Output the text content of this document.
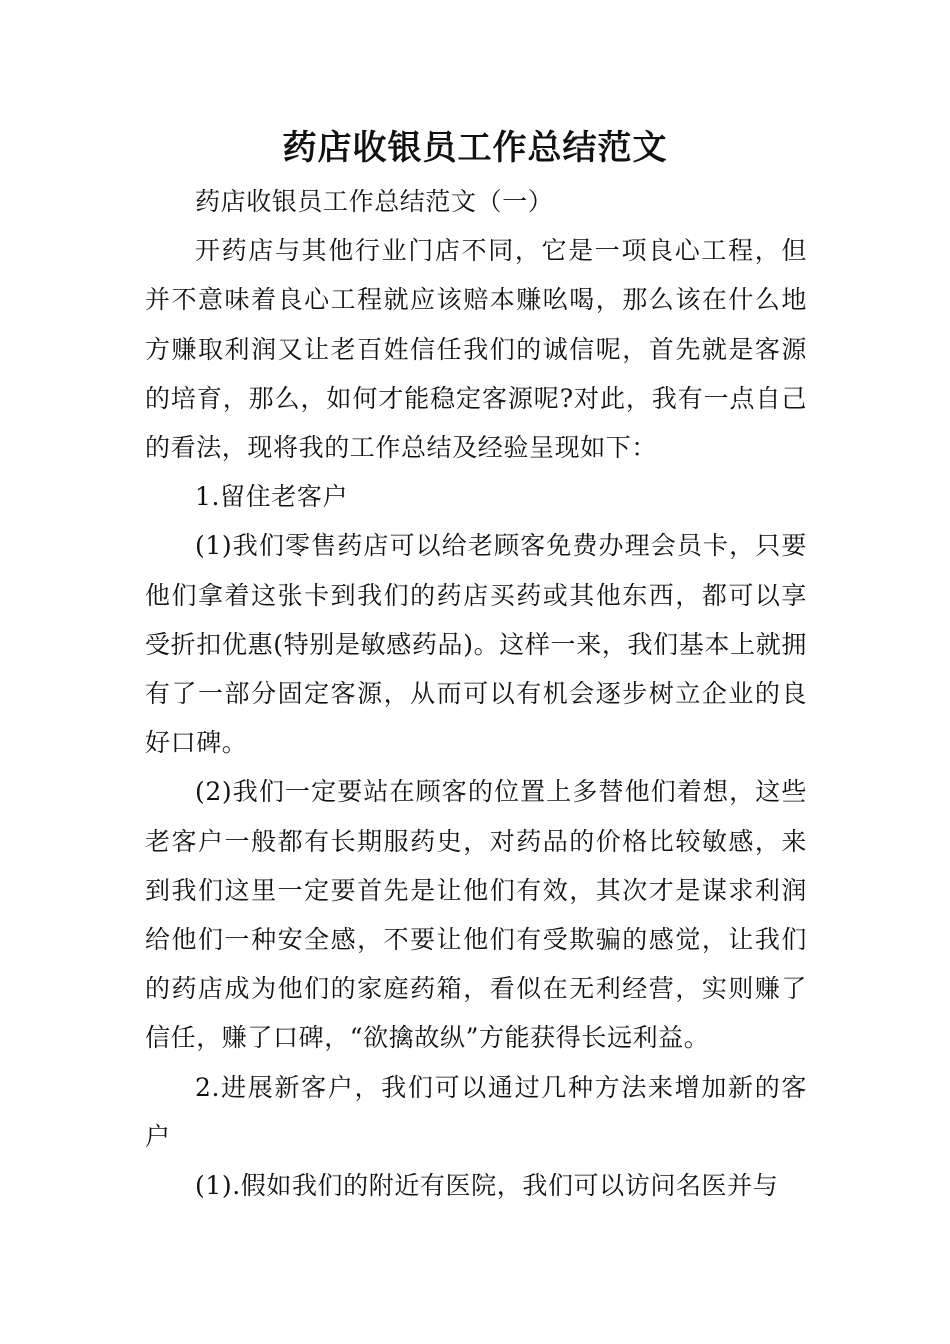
药店收银员工作总结范文

药店收银员工作总结范文（一）

开药店与其他行业门店不同，它是一项良心工程，但并不意味着良心工程就应该赔本赚吆喝，那么该在什么地方赚取利润又让老百姓信任我们的诚信呢，首先就是客源的培育，那么，如何才能稳定客源呢?对此，我有一点自己的看法，现将我的工作总结及经验呈现如下：

1.留住老客户

(1)我们零售药店可以给老顾客免费办理会员卡，只要他们拿着这张卡到我们的药店买药或其他东西，都可以享受折扣优惠(特别是敏感药品)。这样一来，我们基本上就拥有了一部分固定客源，从而可以有机会逐步树立企业的良好口碑。

(2)我们一定要站在顾客的位置上多替他们着想，这些老客户一般都有长期服药史，对药品的价格比较敏感，来到我们这里一定要首先是让他们有效，其次才是谋求利润给他们一种安全感，不要让他们有受欺骗的感觉，让我们的药店成为他们的家庭药箱，看似在无利经营，实则赚了信任，赚了口碑，“欲擒故纵”方能获得长远利益。

2.进展新客户，我们可以通过几种方法来增加新的客户

(1).假如我们的附近有医院，我们可以访问名医并与
